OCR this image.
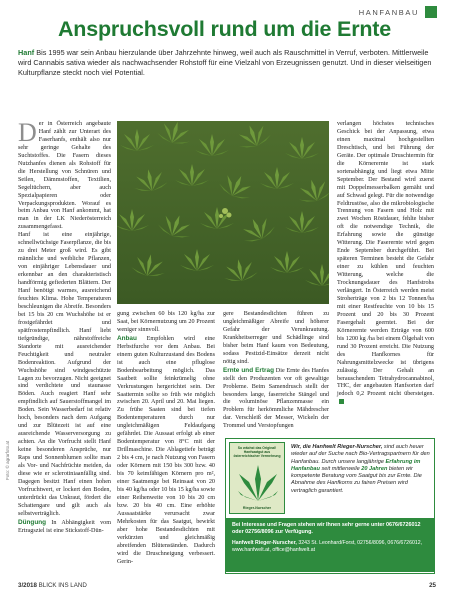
HANFANBAU
Anspruchsvoll rund um die Ernte

Hanf Bis 1995 war sein Anbau hierzulande über Jahrzehnte hinweg, weil auch als Rauschmittel in Verruf, verboten. Mittlerweile wird Cannabis sativa wieder als nachwachsender Rohstoff für eine Vielzahl von Erzeugnissen genutzt. Und in dieser vielseitigen Kulturpflanze steckt noch viel Potential.

Der in Österreich angebaute Hanf zählt zur Unterart des Faserhanfs, enthält also nur sehr geringe Gehalte des Suchtstoffes. Die Fasern dieses Nutzhanfes dienen als Rohstoff für die Herstellung von Schnüren und Seilen, Dämmstoffen, Textilien, Segeltüchern, aber auch Spezialpapieren oder Verpackungsprodukten. Worauf es beim Anbau von Hanf ankommt, hat man in der LK Niederösterreich zusammengefasst.

Hanf ist eine einjährige, schnellwüchsige Faserpflanze, die bis zu drei Meter groß wird. Es gibt männliche und weibliche Pflanzen, von einjähriger Lebensdauer und erkennbar an den charakteristisch handförmig gefiederten Blättern. Der Hanf benötigt warmes, ausreichend feuchtes Klima. Hohe Temperaturen beschleunigen die Abreife. Besonders bei 15 bis 20 cm Wuchshöhe ist er frostgefährdet und spätfrostempfindlich. Hanf liebt tiefgründige, nährstoffreiche Standorte mit ausreichender Feuchtigkeit und neutraler Bodenreaktion. Aufgrund der Wuchshöhe sind windgeschützte Lagen zu bevorzugen. Nicht geeignet sind verdichtete und staunasse Böden. Auch reagiert Hanf sehr empfindlich auf Sauerstoffmangel im Boden. Sein Wasserbedarf ist relativ hoch, besonders nach dem Aufgang und zur Blütezeit ist auf eine ausreichende Wasserversorgung zu achten. An die Vorfrucht stellt Hanf keine besonderen Ansprüche, nur Raps und Sonnenblumen sollte man als Vor- und Nachfrüchte meiden, da diese wie er sclerotiniaanfällig sind. Dagegen besitzt Hanf einen hohen Vorfruchtwert, er lockert den Boden, unterdrückt das Unkraut, fördert die Schattengare und gilt auch als selbstverträglich.

Düngung In Abhängigkeit vom Ertragsziel ist eine Stickstoff-Dün-

Foto: © agrarfoto.at

gung zwischen 60 bis 120 kg/ha zur Saat, bei Körnernutzung um 20 Prozent weniger sinnvoll.

Anbau Empfohlen wird eine Herbstfurche vor dem Anbau. Bei einem guten Kulturzustand des Bodens ist auch eine pfluglose Bodenbearbeitung möglich. Das Saatbett sollte feinkrümelig ohne Verkrustungen hergerichtet sein. Der Saattermin sollte so früh wie möglich zwischen 20. April und 20. Mai liegen. Zu frühe Saaten sind bei tiefen Bodentemperaturen durch nur ungleichmäßigen Feldaufgang gefährdet. Die Aussaat erfolgt ab einer Bodentemperatur von 8°C mit der Drillmaschine. Die Ablagetiefe beträgt 2 bis 4 cm, je nach Nutzung von Fasern oder Körnern mit 150 bis 300 bzw. 40 bis 70 keimfähigen Körnern pro m², einer Saatmenge bei Reinsaat von 20 bis 40 kg/ha oder 10 bis 15 kg/ha sowie einer Reihenweite von 10 bis 20 cm bzw. 20 bis 40 cm. Eine erhöhte Aussaatstärke verursacht zwar Mehrkosten für das Saatgut, bewirkt aber hohe Bestandesdichten mit verkürzten und gleichmäßig abreifenden Blütenständen. Dadurch wird die Druschneigung verbessert. Gerin-

gere Bestandesdichten führen zu ungleichmäßiger Abreife und höherer Gefahr der Verunkrautung. Krankheitserreger und Schädlinge sind bisher beim Hanf kaum von Bedeutung, sodass Pestizid-Einsätze derzeit nicht nötig sind.

Ernte und Ertrag Die Ernte des Hanfes stellt den Produzenten vor oft gewaltige Probleme. Beim Samendrusch stellt der besonders lange, faserreiche Stängel und die voluminöse Pflanzenmasse ein Problem für herkömmliche Mähdrescher dar. Verschleiß der Messer, Wickeln der Trommel und Verstopfungen

verlangen höchstes technisches Geschick bei der Anpassung, etwa einen maximal hochgestellten Dreschtisch, und bei Führung der Geräte. Der optimale Druschtermin für die Körnerernte ist stark sortenabhängig und liegt etwa Mitte September. Der Bestand wird zuerst mit Doppelmesserbalken gemäht und auf Schwad gelegt. Für die notwendige Feldtrustöse, also die mikrobiologische Trennung von Fasern und Holz mit zwei Wochen Röstdauer, fehlte bisher oft die notwendige Technik, die Erfahrung sowie die günstige Witterung. Die Faserernte wird gegen Ende September durchgeführt. Bei späteren Terminen besteht die Gefahr einer zu kühlen und feuchten Witterung, welche die Trocknungsdauer des Hanfstrohs verlängert. In Österreich werden meist Stroherträge von 2 bis 12 Tonnen/ha mit einer Restfeuchte von 10 bis 15 Prozent und 20 bis 30 Prozent Fasergehalt geerntet. Bei der Körnerernte werden Erträge von 600 bis 1200 kg /ha bei einem Ölgehalt von rund 30 Prozent erreicht. Die Nutzung des Hanfkornes für Nahrungsmittelzwecke ist übrigens zulässig. Der Gehalt an berauschendem Tetrahydrocannabinol, THC, der angebauten Hanfsorten darf jedoch 0,2 Prozent nicht übersteigen.

So wächst das Original! Hanfsaatgut aus österreichischer Vermehrung
Rieger-Nurscher
Wir, die Hanfwelt Rieger-Nurscher, sind auch heuer wieder auf der Suche nach Bio-Vertragspartnern für den Hanfanbau. Durch unsere langjährige Erfahrung im Hanfanbau seit mittlerweile 20 Jahren bieten wir kompetente Beratung vom Saatgut bis zur Ernte. Die Abnahme des Hanfkorns zu fairen Preisen wird vertraglich garantiert.
Bei Interesse und Fragen stehen wir Ihnen sehr gerne unter 0676/6726012 oder 02756/8096 zur Verfügung.
Hanfwelt Rieger-Nurscher, 3243 St. Leonhard/Forst, 02756/8096, 0676/6726012,
www.hanfwelt.at, office@hanfwelt.at
3/2018 BLICK INS LAND	25
